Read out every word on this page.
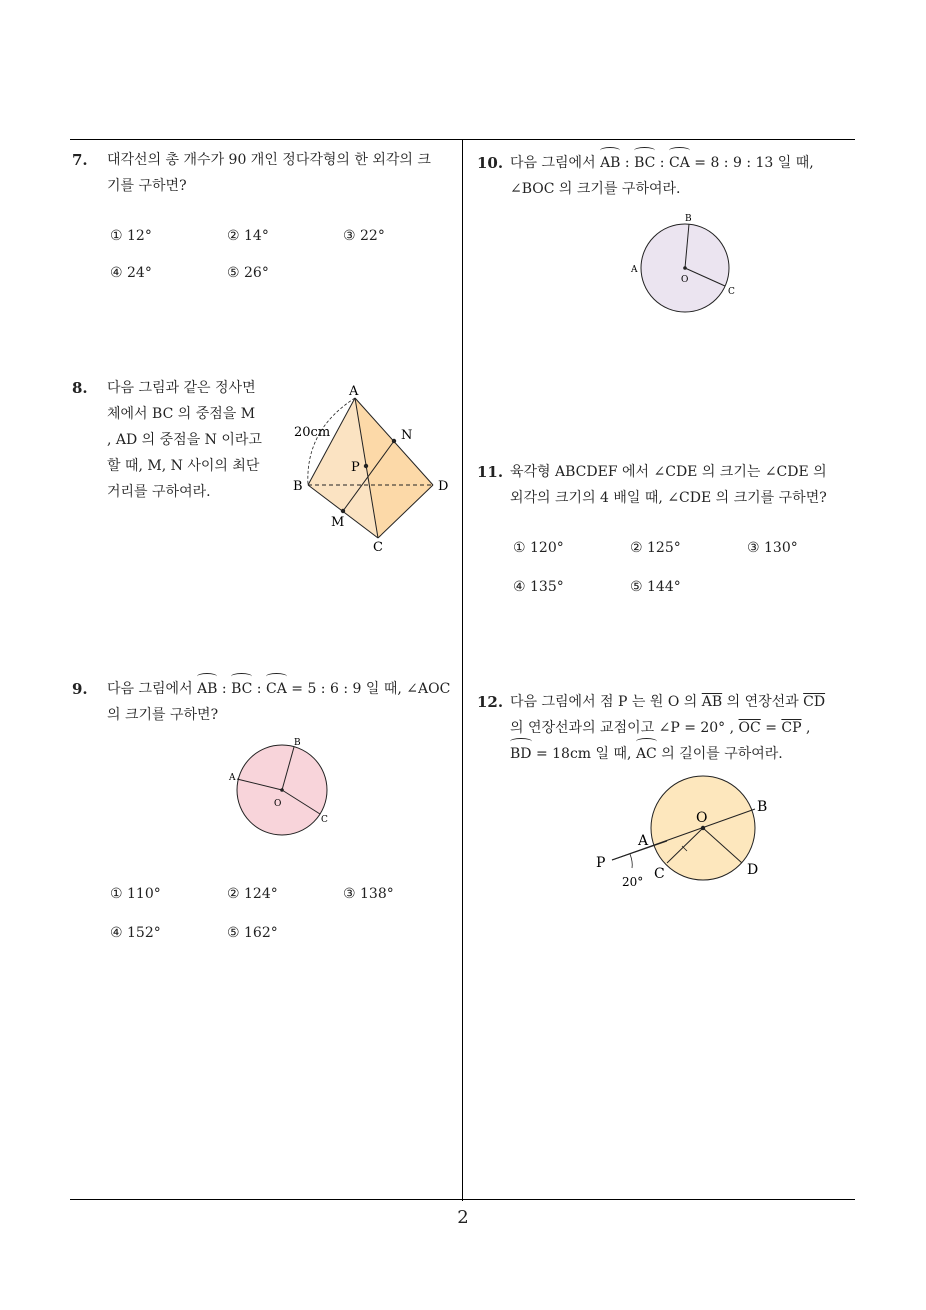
7. 대각선의 총 개수가 90 개인 정다각형의 한 외각의 크
기를 구하면?
① 12°	② 14°	③ 22°
④ 24°	⑤ 26°
8. 다음 그림과 같은 정사면
체에서 BC 의 중점을 M
, AD 의 중점을 N 이라고
할 때, M, N 사이의 최단
거리를 구하여라.
20cm
A
B
C
D
M
N
P
9. 다음 그림에서 AB : BC : CA = 5 : 6 : 9 일 때, ∠AOC
의 크기를 구하면?
A
B
C
O
① 110°	② 124°	③ 138°
④ 152°	⑤ 162°
10. 다음 그림에서 AB : BC : CA = 8 : 9 : 13 일 때,
∠BOC 의 크기를 구하여라.
A
B
C
O
11. 육각형 ABCDEF 에서 ∠CDE 의 크기는 ∠CDE 의
외각의 크기의 4 배일 때, ∠CDE 의 크기를 구하면?
① 120°	② 125°	③ 130°
④ 135°	⑤ 144°
12. 다음 그림에서 점 P 는 원 O 의 $\overline{AB}$ 의 연장선과 $\overline{CD}$
의 연장선과의 교점이고 ∠P = 20° , $\overline{OC} = \overline{CP}$ ,
BD = 18cm 일 때, AC 의 길이를 구하여라.
O
A
B
C	D
P
20°
2
